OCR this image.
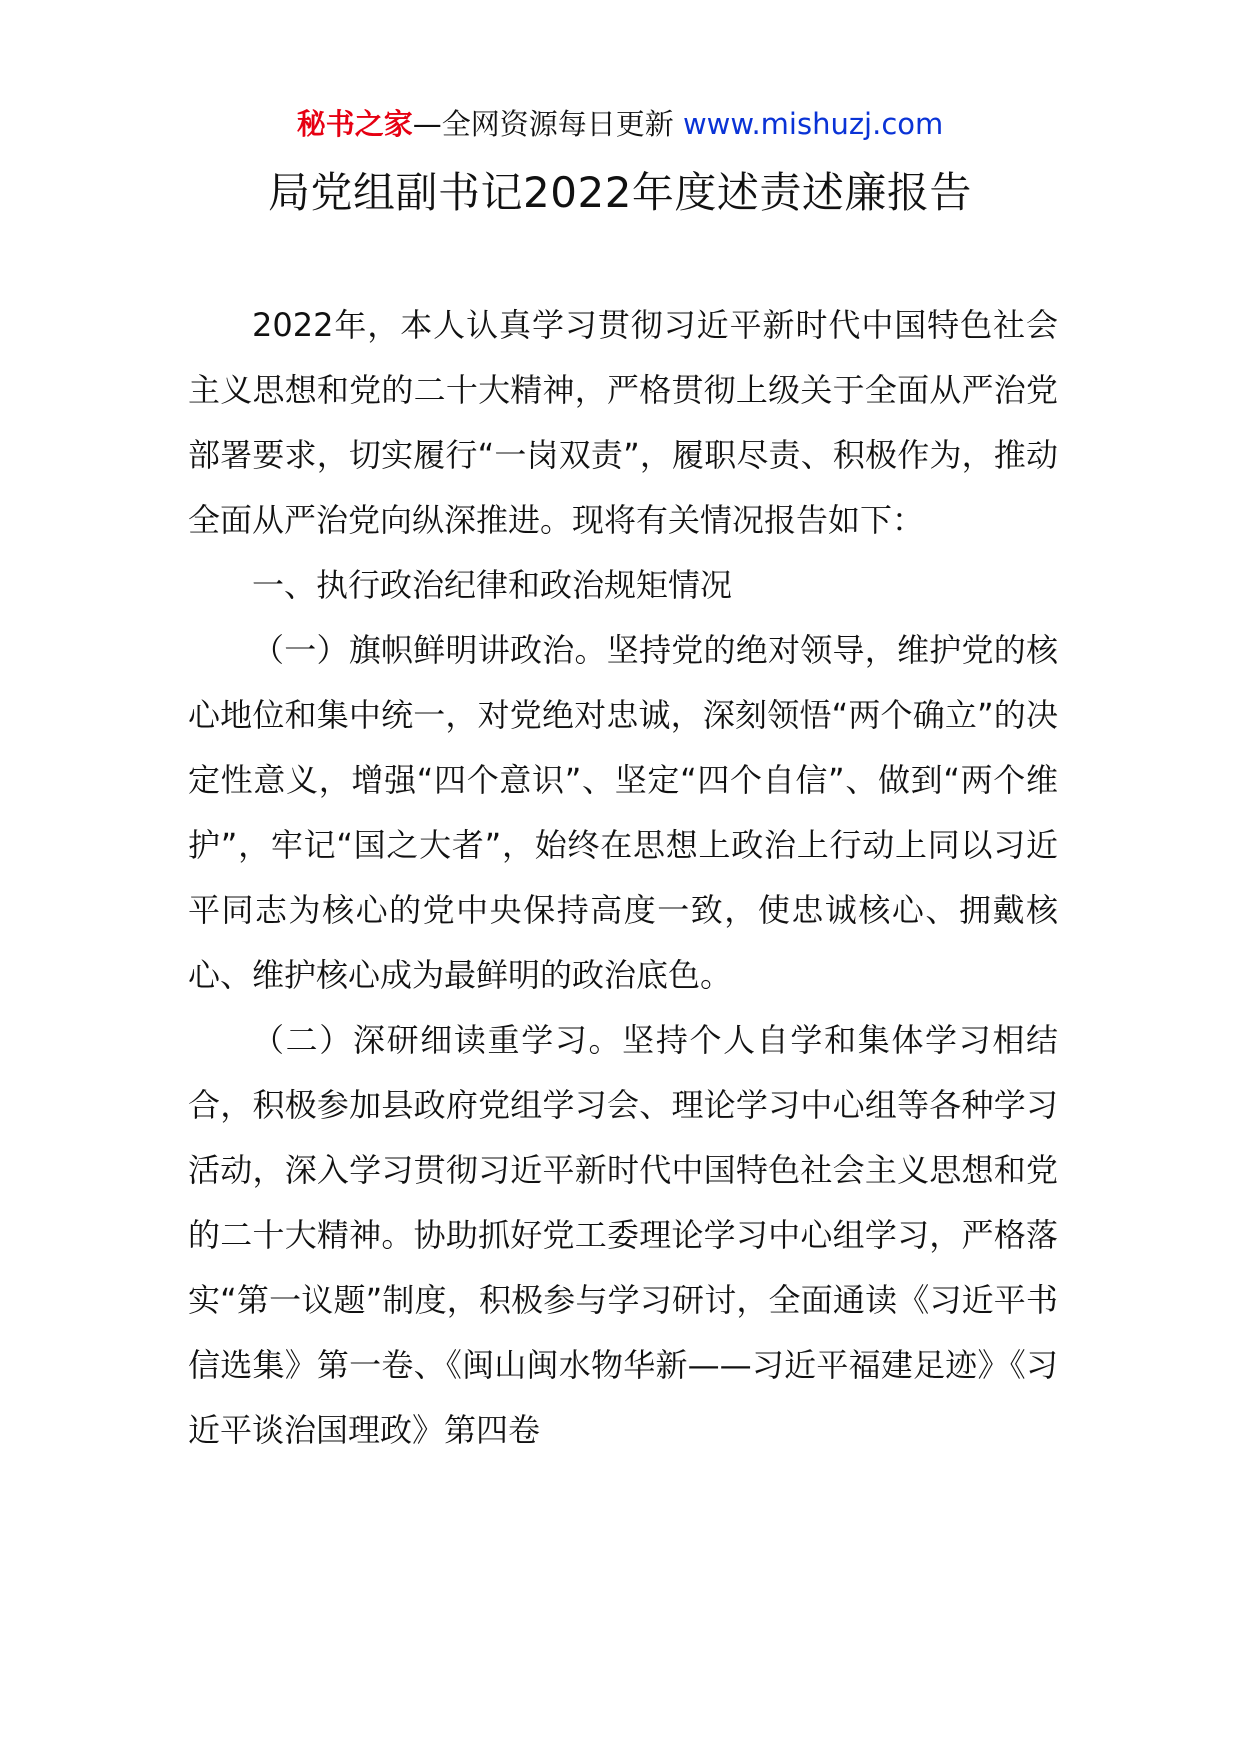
秘书之家—全网资源每日更新 www.mishuzj.com
局党组副书记2022年度述责述廉报告

2022年，本人认真学习贯彻习近平新时代中国特色社会主义思想和党的二十大精神，严格贯彻上级关于全面从严治党部署要求，切实履行“一岗双责”，履职尽责、积极作为，推动全面从严治党向纵深推进。现将有关情况报告如下：

一、执行政治纪律和政治规矩情况

（一）旗帜鲜明讲政治。坚持党的绝对领导，维护党的核心地位和集中统一，对党绝对忠诚，深刻领悟“两个确立”的决定性意义，增强“四个意识”、坚定“四个自信”、做到“两个维护”，牢记“国之大者”，始终在思想上政治上行动上同以习近平同志为核心的党中央保持高度一致，使忠诚核心、拥戴核心、维护核心成为最鲜明的政治底色。

（二）深研细读重学习。坚持个人自学和集体学习相结合，积极参加县政府党组学习会、理论学习中心组等各种学习活动，深入学习贯彻习近平新时代中国特色社会主义思想和党的二十大精神。协助抓好党工委理论学习中心组学习，严格落实“第一议题”制度，积极参与学习研讨，全面通读《习近平书信选集》第一卷、《闽山闽水物华新——习近平福建足迹》《习近平谈治国理政》第四卷
